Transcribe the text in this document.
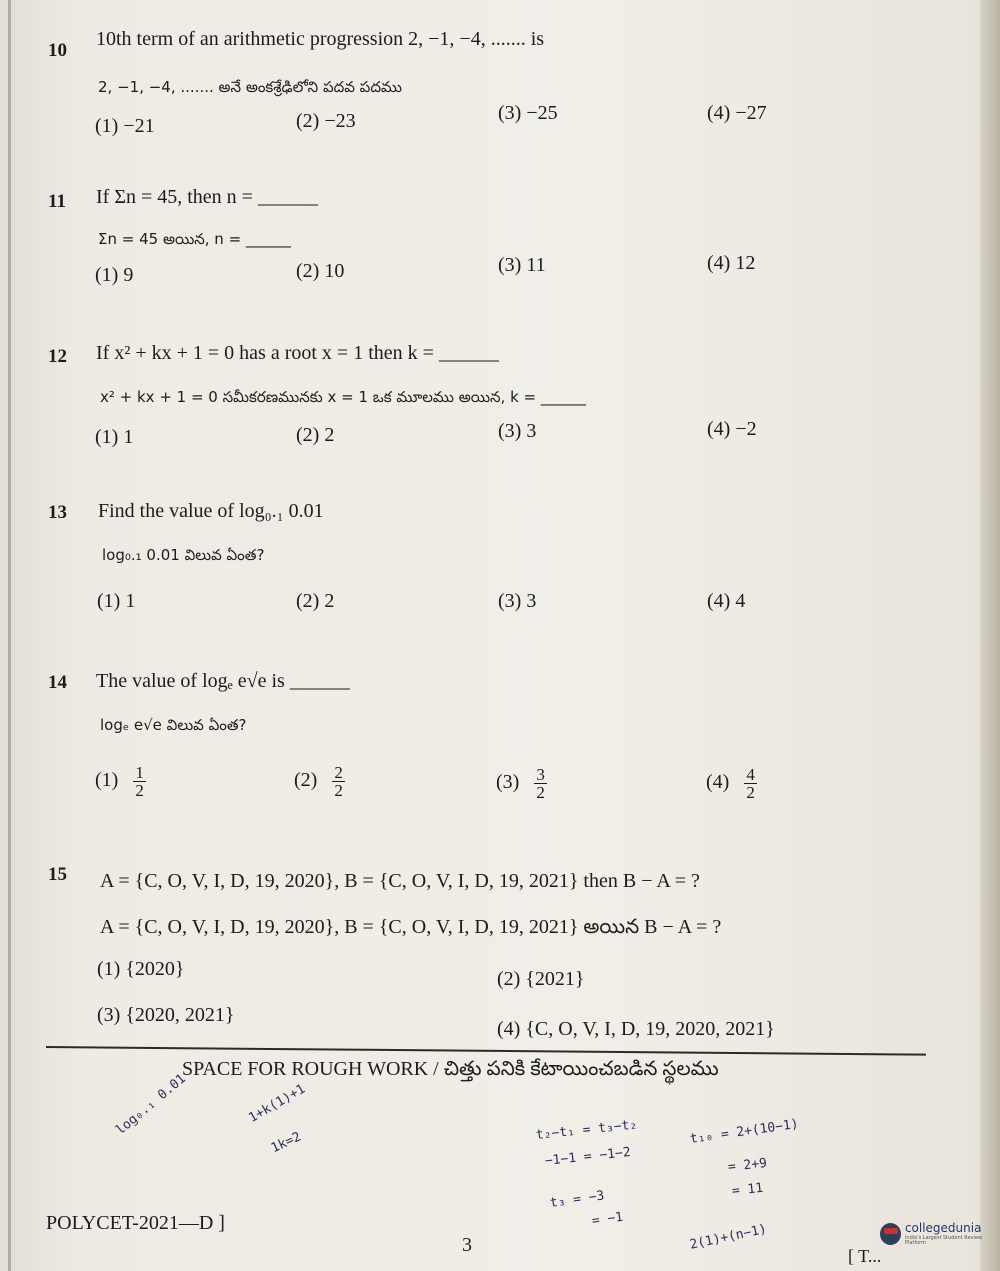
10
10th term of an arithmetic progression 2, −1, −4, ....... is
2, −1, −4, ....... అనే అంకశ్రేఢిలోని పదవ పదము
(1) −21	(2) −23	(3) −25	(4) −27
11 If Σn = 45, then n = ______
Σn = 45 అయిన, n = ______
(1) 9	(2) 10	(3) 11	(4) 12
12 If x² + kx + 1 = 0 has a root x = 1 then k = ______
x² + kx + 1 = 0 సమీకరణమునకు x = 1 ఒక మూలము అయిన, k = ______
(1) 1	(2) 2	(3) 3	(4) −2
13 Find the value of log₀.₁ 0.01
log₀.₁ 0.01 విలువ ఏంత?
(1) 1	(2) 2	(3) 3	(4) 4
14 The value of logₑ e√e is ______
logₑ e√e విలువ ఏంత?
$(1) \frac{1}{2}$	$(2) \frac{2}{2}$	$(3) \frac{3}{2}$	$(4) \frac{4}{2}$
15 A = {C, O, V, I, D, 19, 2020}, B = {C, O, V, I, D, 19, 2021} then B − A = ?
A = {C, O, V, I, D, 19, 2020}, B = {C, O, V, I, D, 19, 2021} అయిన B − A = ?
(1) {2020}	(2) {2021}
(3) {2020, 2021}
(4) {C, O, V, I, D, 19, 2020, 2021}
SPACE FOR ROUGH WORK / చిత్తు పనికి కేటాయించబడిన స్థలము
log₀.₁ 0.01	1+k(1)+1
1k=2	t₂−t₁ = t₃−t₂
−1−1 = −1−2
t₃ = −3
= −1
t₁₀ = 2+(10−1)
= 2+9
= 11
2(1)+(n−1)
POLYCET-2021—D ]
3	[ T...
collegedunia
India's Largest Student Review Platform
